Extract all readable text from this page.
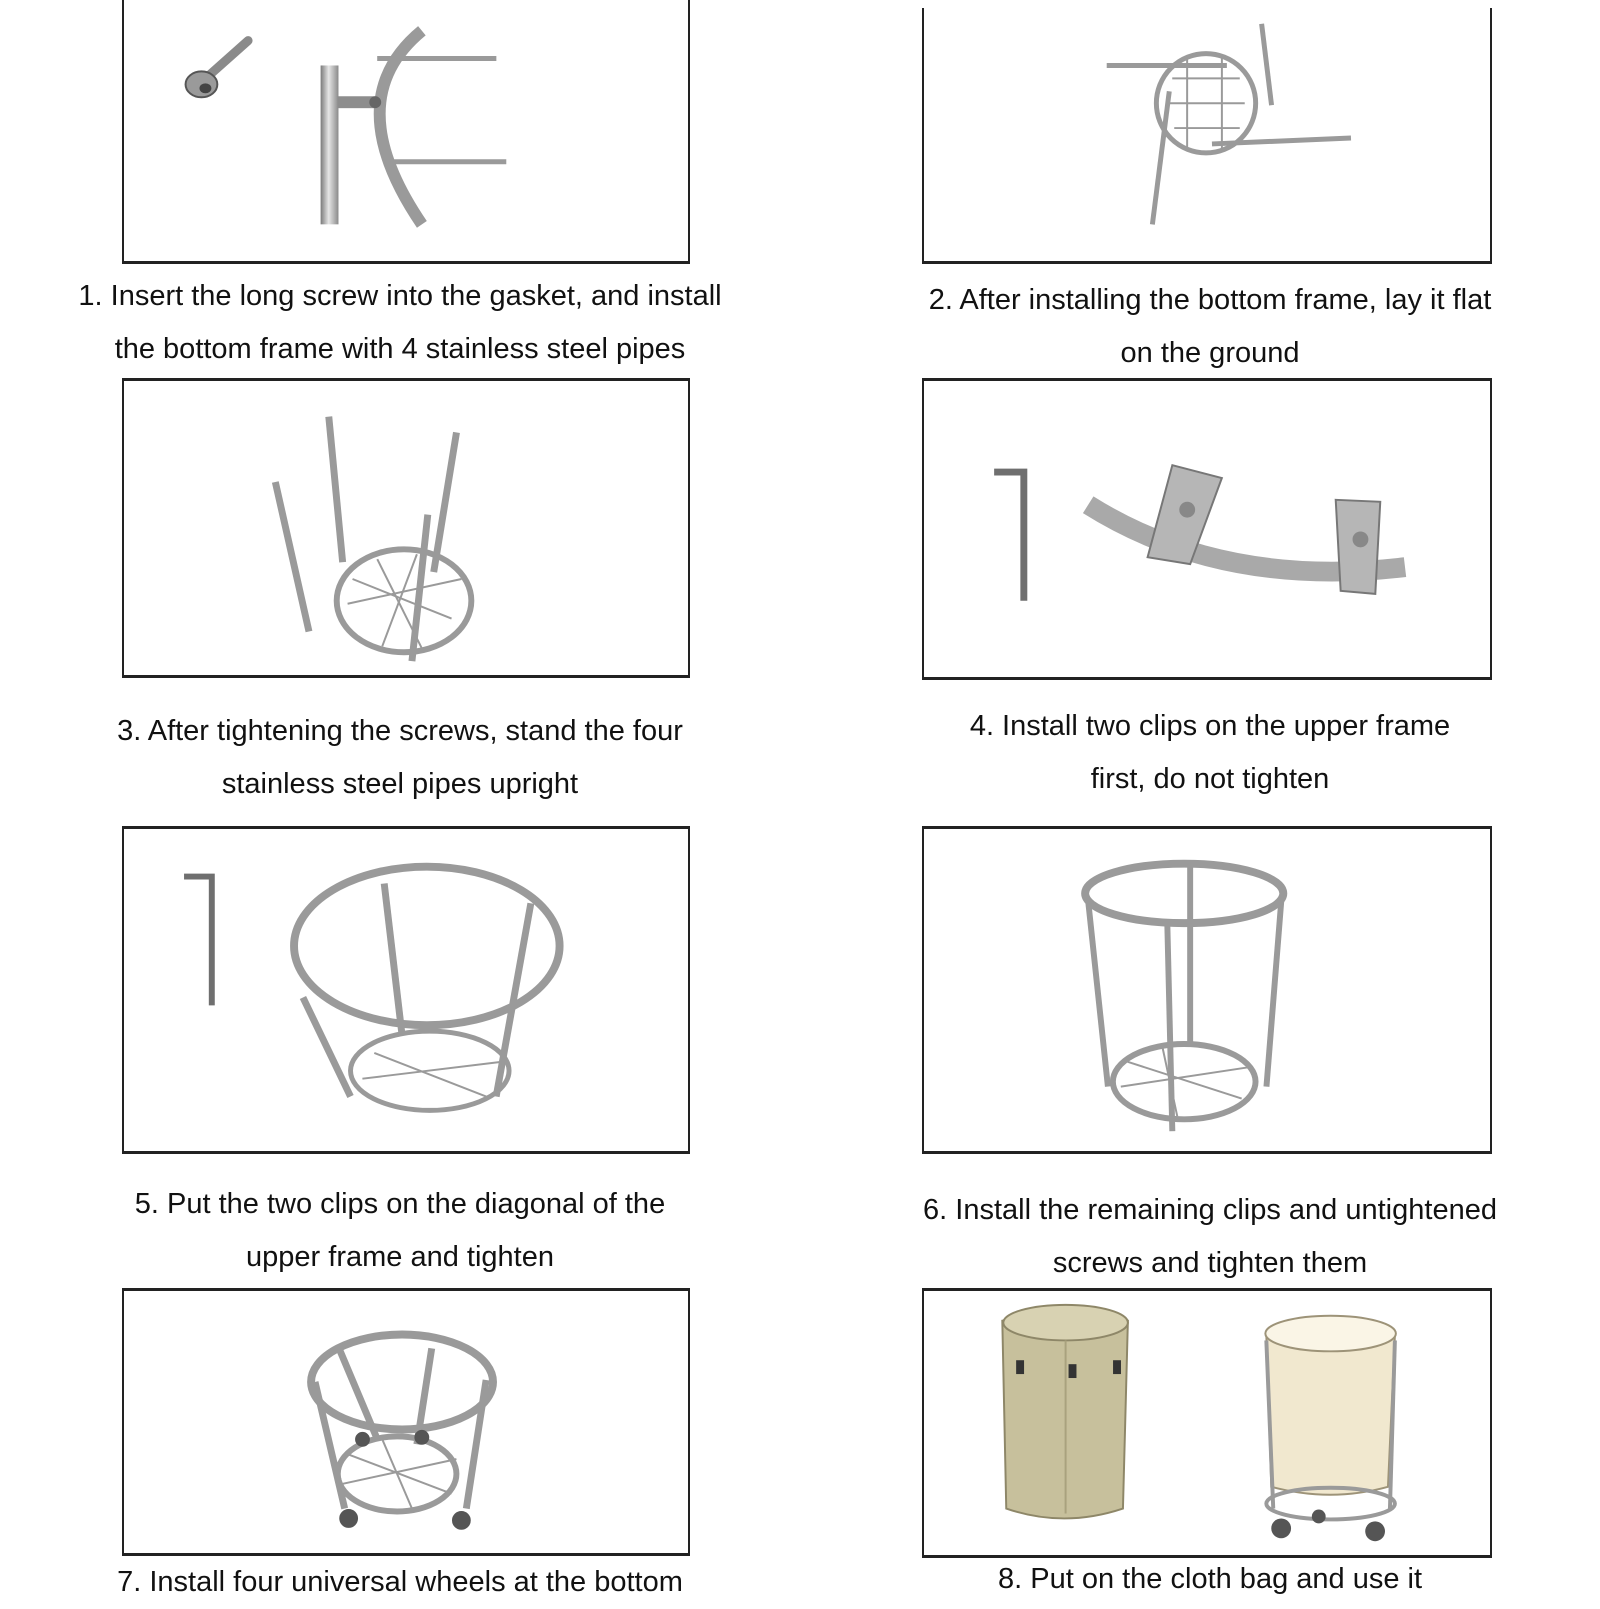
1. Insert the long screw into the gasket, and install
the bottom frame with 4 stainless steel pipes
2. After installing the bottom frame, lay it flat
on the ground
3. After tightening the screws, stand the four
stainless steel pipes upright
4. Install two clips on the upper frame
first, do not tighten
5. Put the two clips on the diagonal of the
upper frame and tighten
6. Install the remaining clips and untightened
screws and tighten them
7. Install four universal wheels at the bottom	8. Put on the cloth bag and use it
